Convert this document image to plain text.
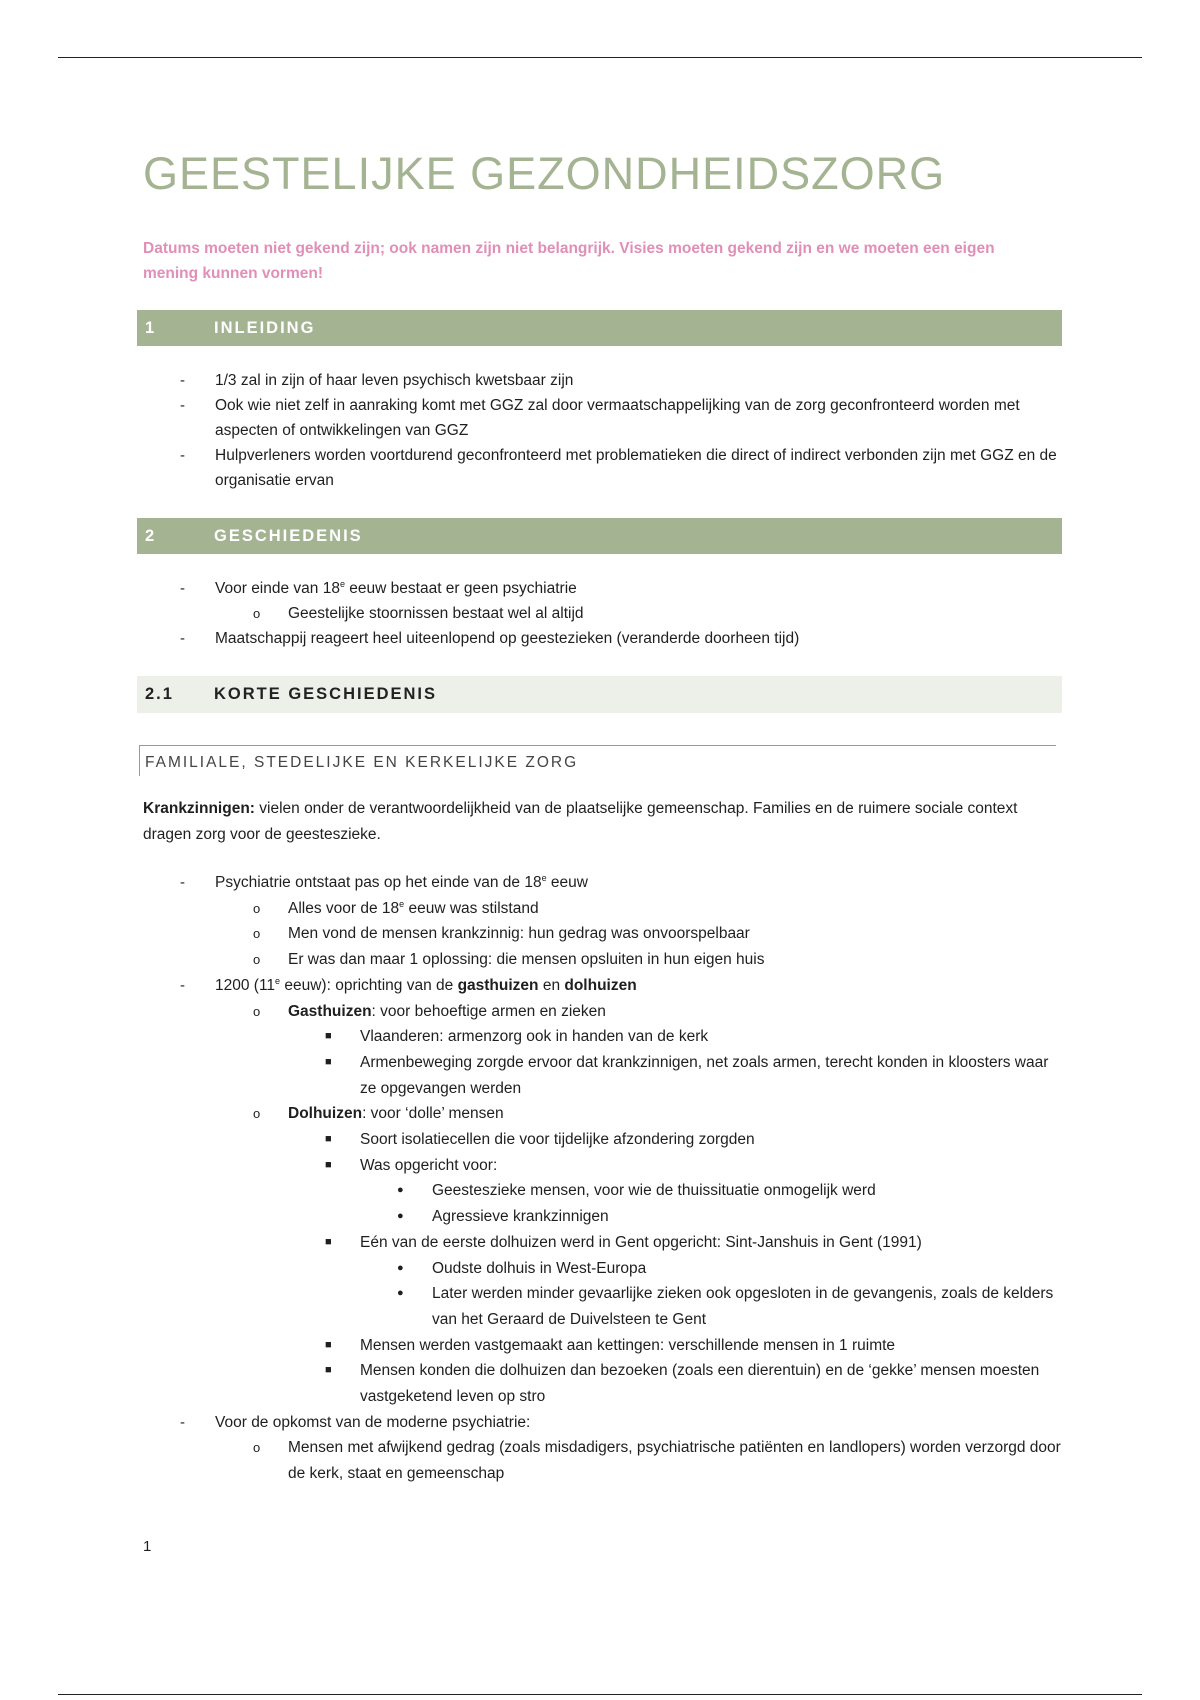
GEESTELIJKE GEZONDHEIDSZORG
Datums moeten niet gekend zijn; ook namen zijn niet belangrijk. Visies moeten gekend zijn en we moeten een eigen mening kunnen vormen!
1	INLEIDING
- 1/3 zal in zijn of haar leven psychisch kwetsbaar zijn
- Ook wie niet zelf in aanraking komt met GGZ zal door vermaatschappelijking van de zorg geconfronteerd worden met aspecten of ontwikkelingen van GGZ
- Hulpverleners worden voortdurend geconfronteerd met problematieken die direct of indirect verbonden zijn met GGZ en de organisatie ervan
2	GESCHIEDENIS
- Voor einde van 18e eeuw bestaat er geen psychiatrie
o Geestelijke stoornissen bestaat wel al altijd
- Maatschappij reageert heel uiteenlopend op geestezieken (veranderde doorheen tijd)
2.1 KORTE GESCHIEDENIS
FAMILIALE, STEDELIJKE EN KERKELIJKE ZORG
Krankzinnigen: vielen onder de verantwoordelijkheid van de plaatselijke gemeenschap. Families en de ruimere sociale context dragen zorg voor de geesteszieke.
- Psychiatrie ontstaat pas op het einde van de 18e eeuw
o Alles voor de 18e eeuw was stilstand
o Men vond de mensen krankzinnig: hun gedrag was onvoorspelbaar
o Er was dan maar 1 oplossing: die mensen opsluiten in hun eigen huis
- 1200 (11e eeuw): oprichting van de gasthuizen en dolhuizen
o Gasthuizen: voor behoeftige armen en zieken
■ Vlaanderen: armenzorg ook in handen van de kerk
■ Armenbeweging zorgde ervoor dat krankzinnigen, net zoals armen, terecht konden in kloosters waar ze opgevangen werden
o Dolhuizen: voor ‘dolle’ mensen
■ Soort isolatiecellen die voor tijdelijke afzondering zorgden
■ Was opgericht voor:
● Geesteszieke mensen, voor wie de thuissituatie onmogelijk werd
● Agressieve krankzinnigen
■ Eén van de eerste dolhuizen werd in Gent opgericht: Sint-Janshuis in Gent (1991)
● Oudste dolhuis in West-Europa
● Later werden minder gevaarlijke zieken ook opgesloten in de gevangenis, zoals de kelders van het Geraard de Duivelsteen te Gent
■ Mensen werden vastgemaakt aan kettingen: verschillende mensen in 1 ruimte
■ Mensen konden die dolhuizen dan bezoeken (zoals een dierentuin) en de ‘gekke’ mensen moesten vastgeketend leven op stro
- Voor de opkomst van de moderne psychiatrie:
o Mensen met afwijkend gedrag (zoals misdadigers, psychiatrische patiënten en landlopers) worden verzorgd door de kerk, staat en gemeenschap
1
